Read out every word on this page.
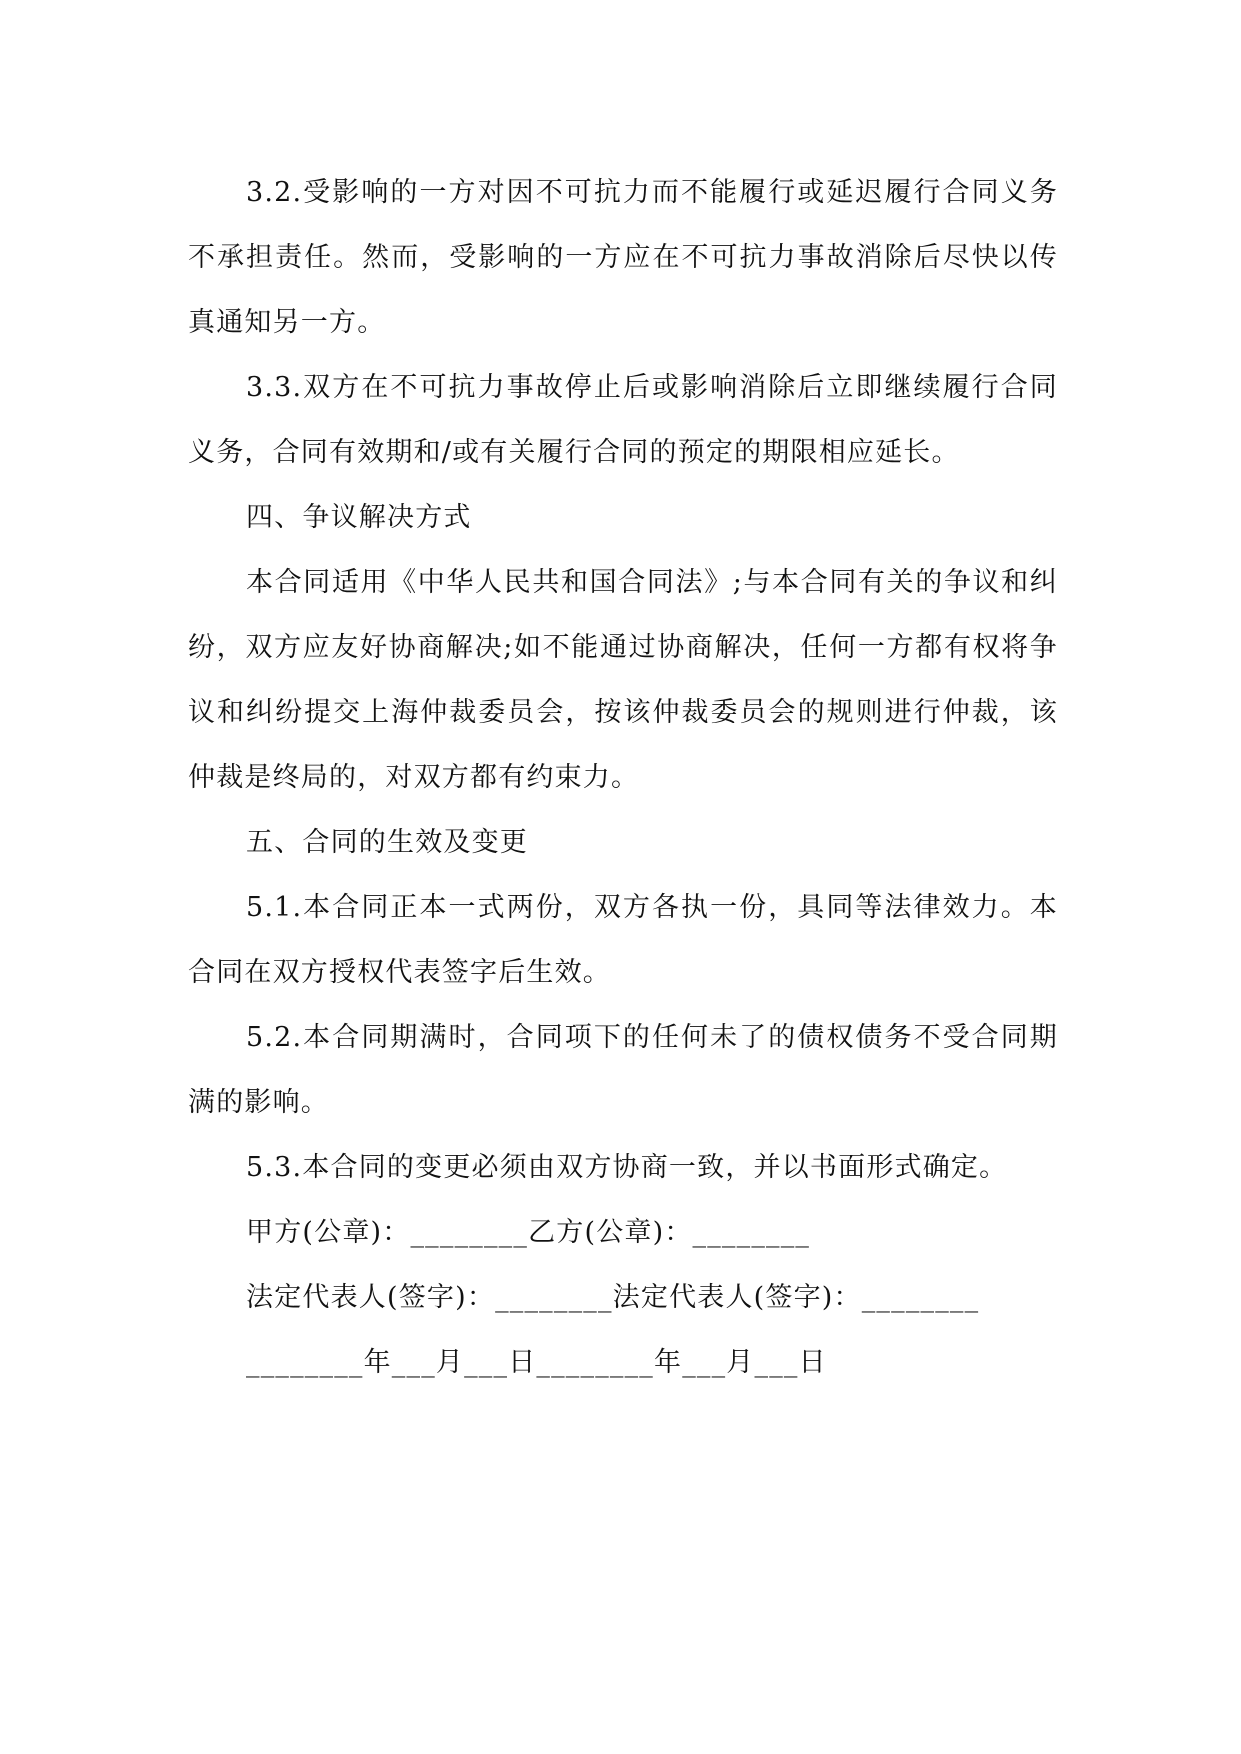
3.2.受影响的一方对因不可抗力而不能履行或延迟履行合同义务不承担责任。然而，受影响的一方应在不可抗力事故消除后尽快以传真通知另一方。

3.3.双方在不可抗力事故停止后或影响消除后立即继续履行合同义务，合同有效期和/或有关履行合同的预定的期限相应延长。

四、争议解决方式

本合同适用《中华人民共和国合同法》;与本合同有关的争议和纠纷，双方应友好协商解决;如不能通过协商解决，任何一方都有权将争议和纠纷提交上海仲裁委员会，按该仲裁委员会的规则进行仲裁，该仲裁是终局的，对双方都有约束力。

五、合同的生效及变更

5.1.本合同正本一式两份，双方各执一份，具同等法律效力。本合同在双方授权代表签字后生效。

5.2.本合同期满时，合同项下的任何未了的债权债务不受合同期满的影响。

5.3.本合同的变更必须由双方协商一致，并以书面形式确定。

甲方(公章)：________乙方(公章)：________

法定代表人(签字)：________法定代表人(签字)：________

________年___月___日________年___月___日
